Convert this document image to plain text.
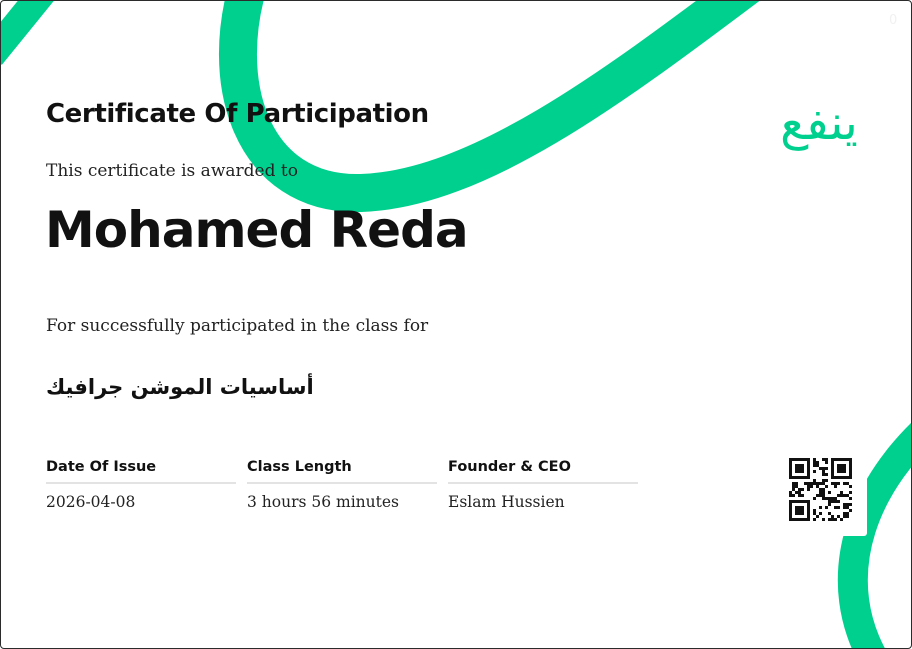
0
ينفع
Certificate Of Participation
This certificate is awarded to
Mohamed Reda
For successfully participated in the class for
أساسيات الموشن جرافيك
Date Of Issue
2026-04-08
Class Length
3 hours 56 minutes
Founder & CEO
Eslam Hussien
